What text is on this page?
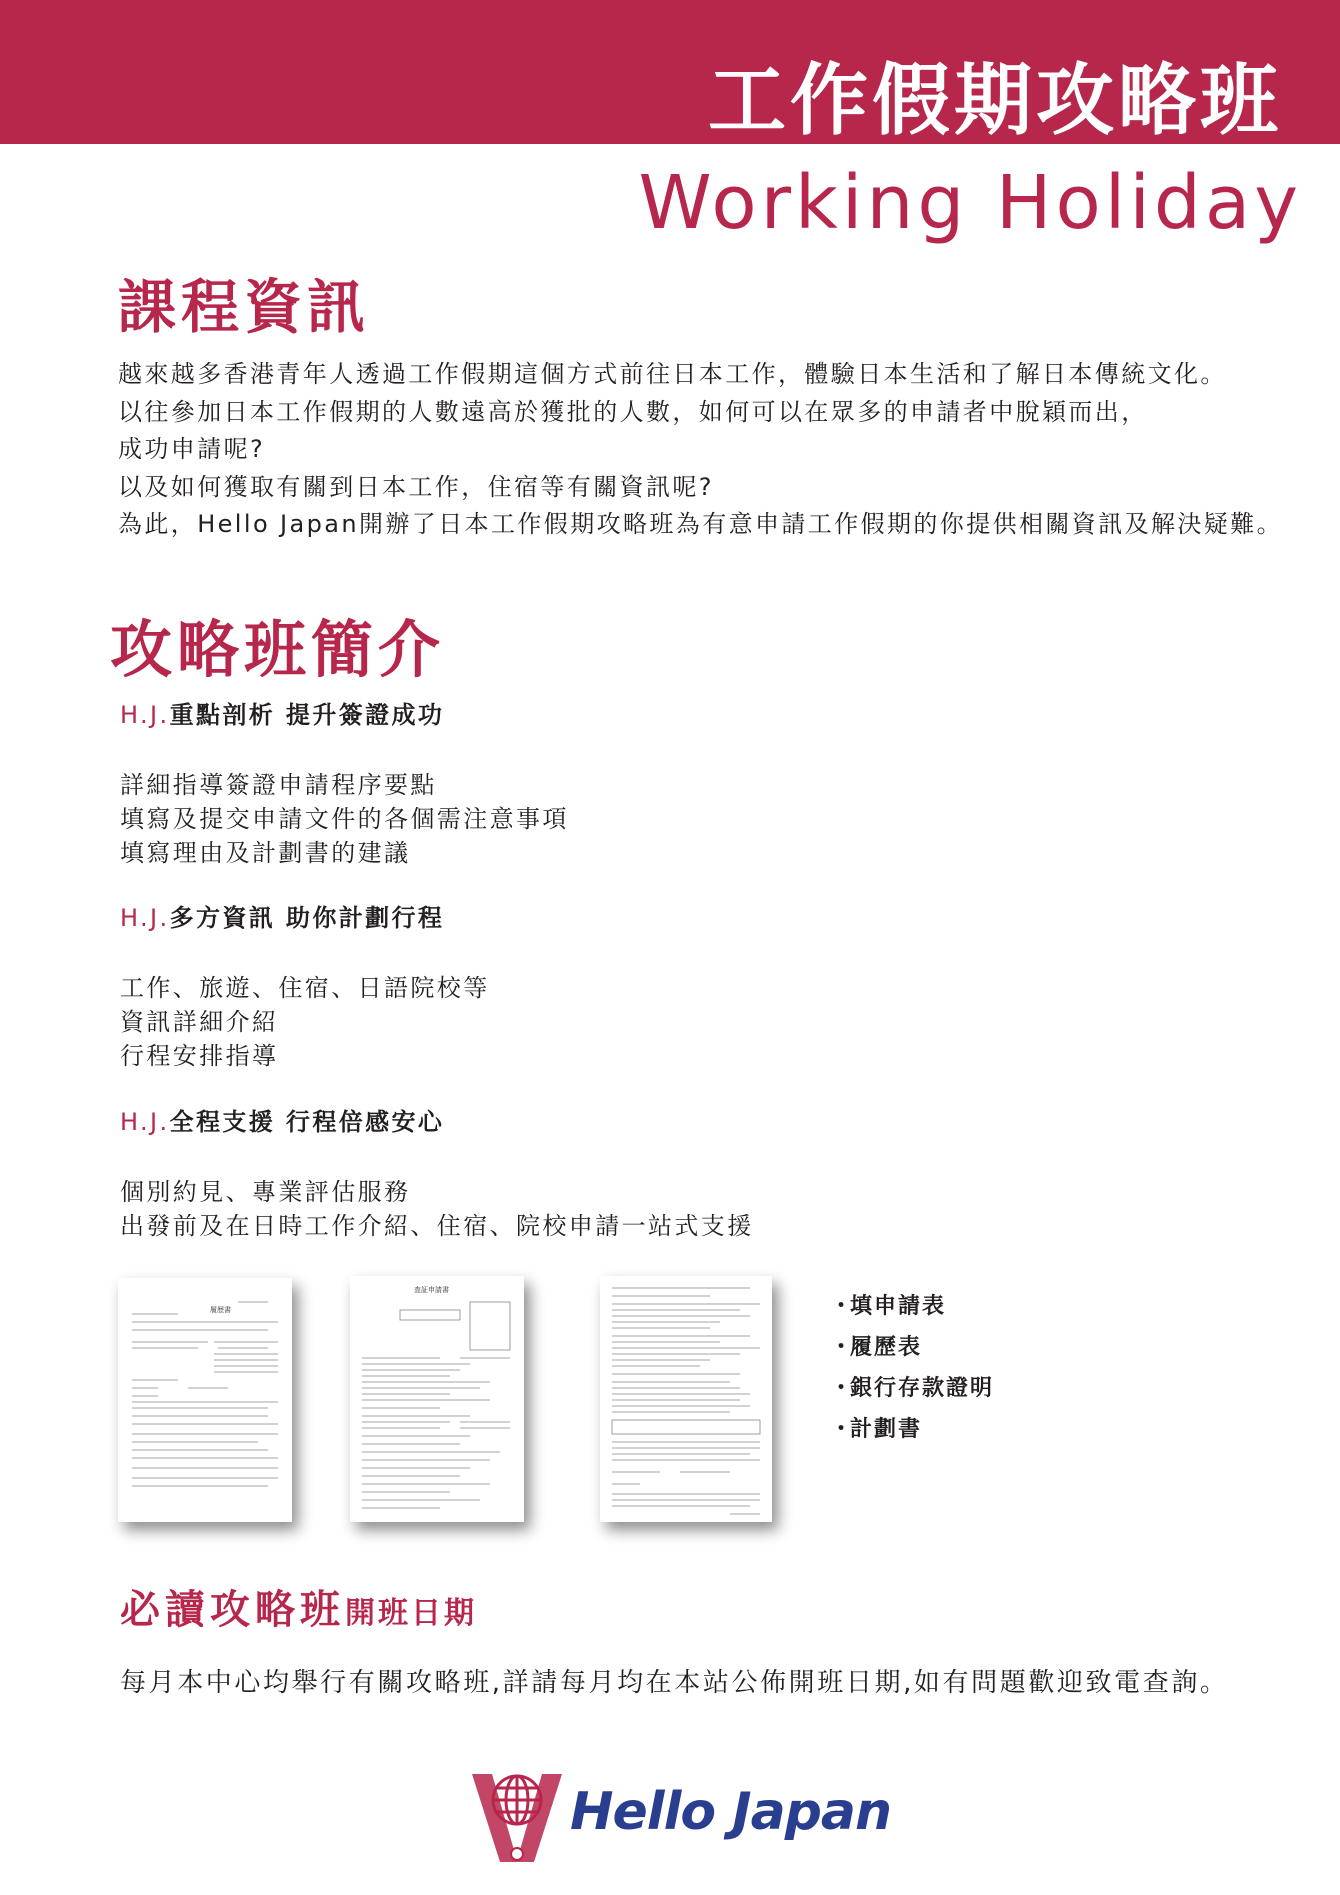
工作假期攻略班
Working Holiday
課程資訊
越來越多香港青年人透過工作假期這個方式前往日本工作，體驗日本生活和了解日本傳統文化。
以往參加日本工作假期的人數遠高於獲批的人數，如何可以在眾多的申請者中脫穎而出，
成功申請呢?
以及如何獲取有關到日本工作，住宿等有關資訊呢?
為此，Hello Japan開辦了日本工作假期攻略班為有意申請工作假期的你提供相關資訊及解決疑難。
攻略班簡介
H.J.重點剖析 提升簽證成功
詳細指導簽證申請程序要點
填寫及提交申請文件的各個需注意事項
填寫理由及計劃書的建議
H.J.多方資訊 助你計劃行程
工作、旅遊、住宿、日語院校等
資訊詳細介紹
行程安排指導
H.J.全程支援 行程倍感安心
個別約見、專業評估服務
出發前及在日時工作介紹、住宿、院校申請一站式支援
履歴書
査証申請書
・填申請表
・履歷表
・銀行存款證明
・計劃書
必讀攻略班開班日期
每月本中心均舉行有關攻略班,詳請每月均在本站公佈開班日期,如有問題歡迎致電查詢。
Hello Japan
